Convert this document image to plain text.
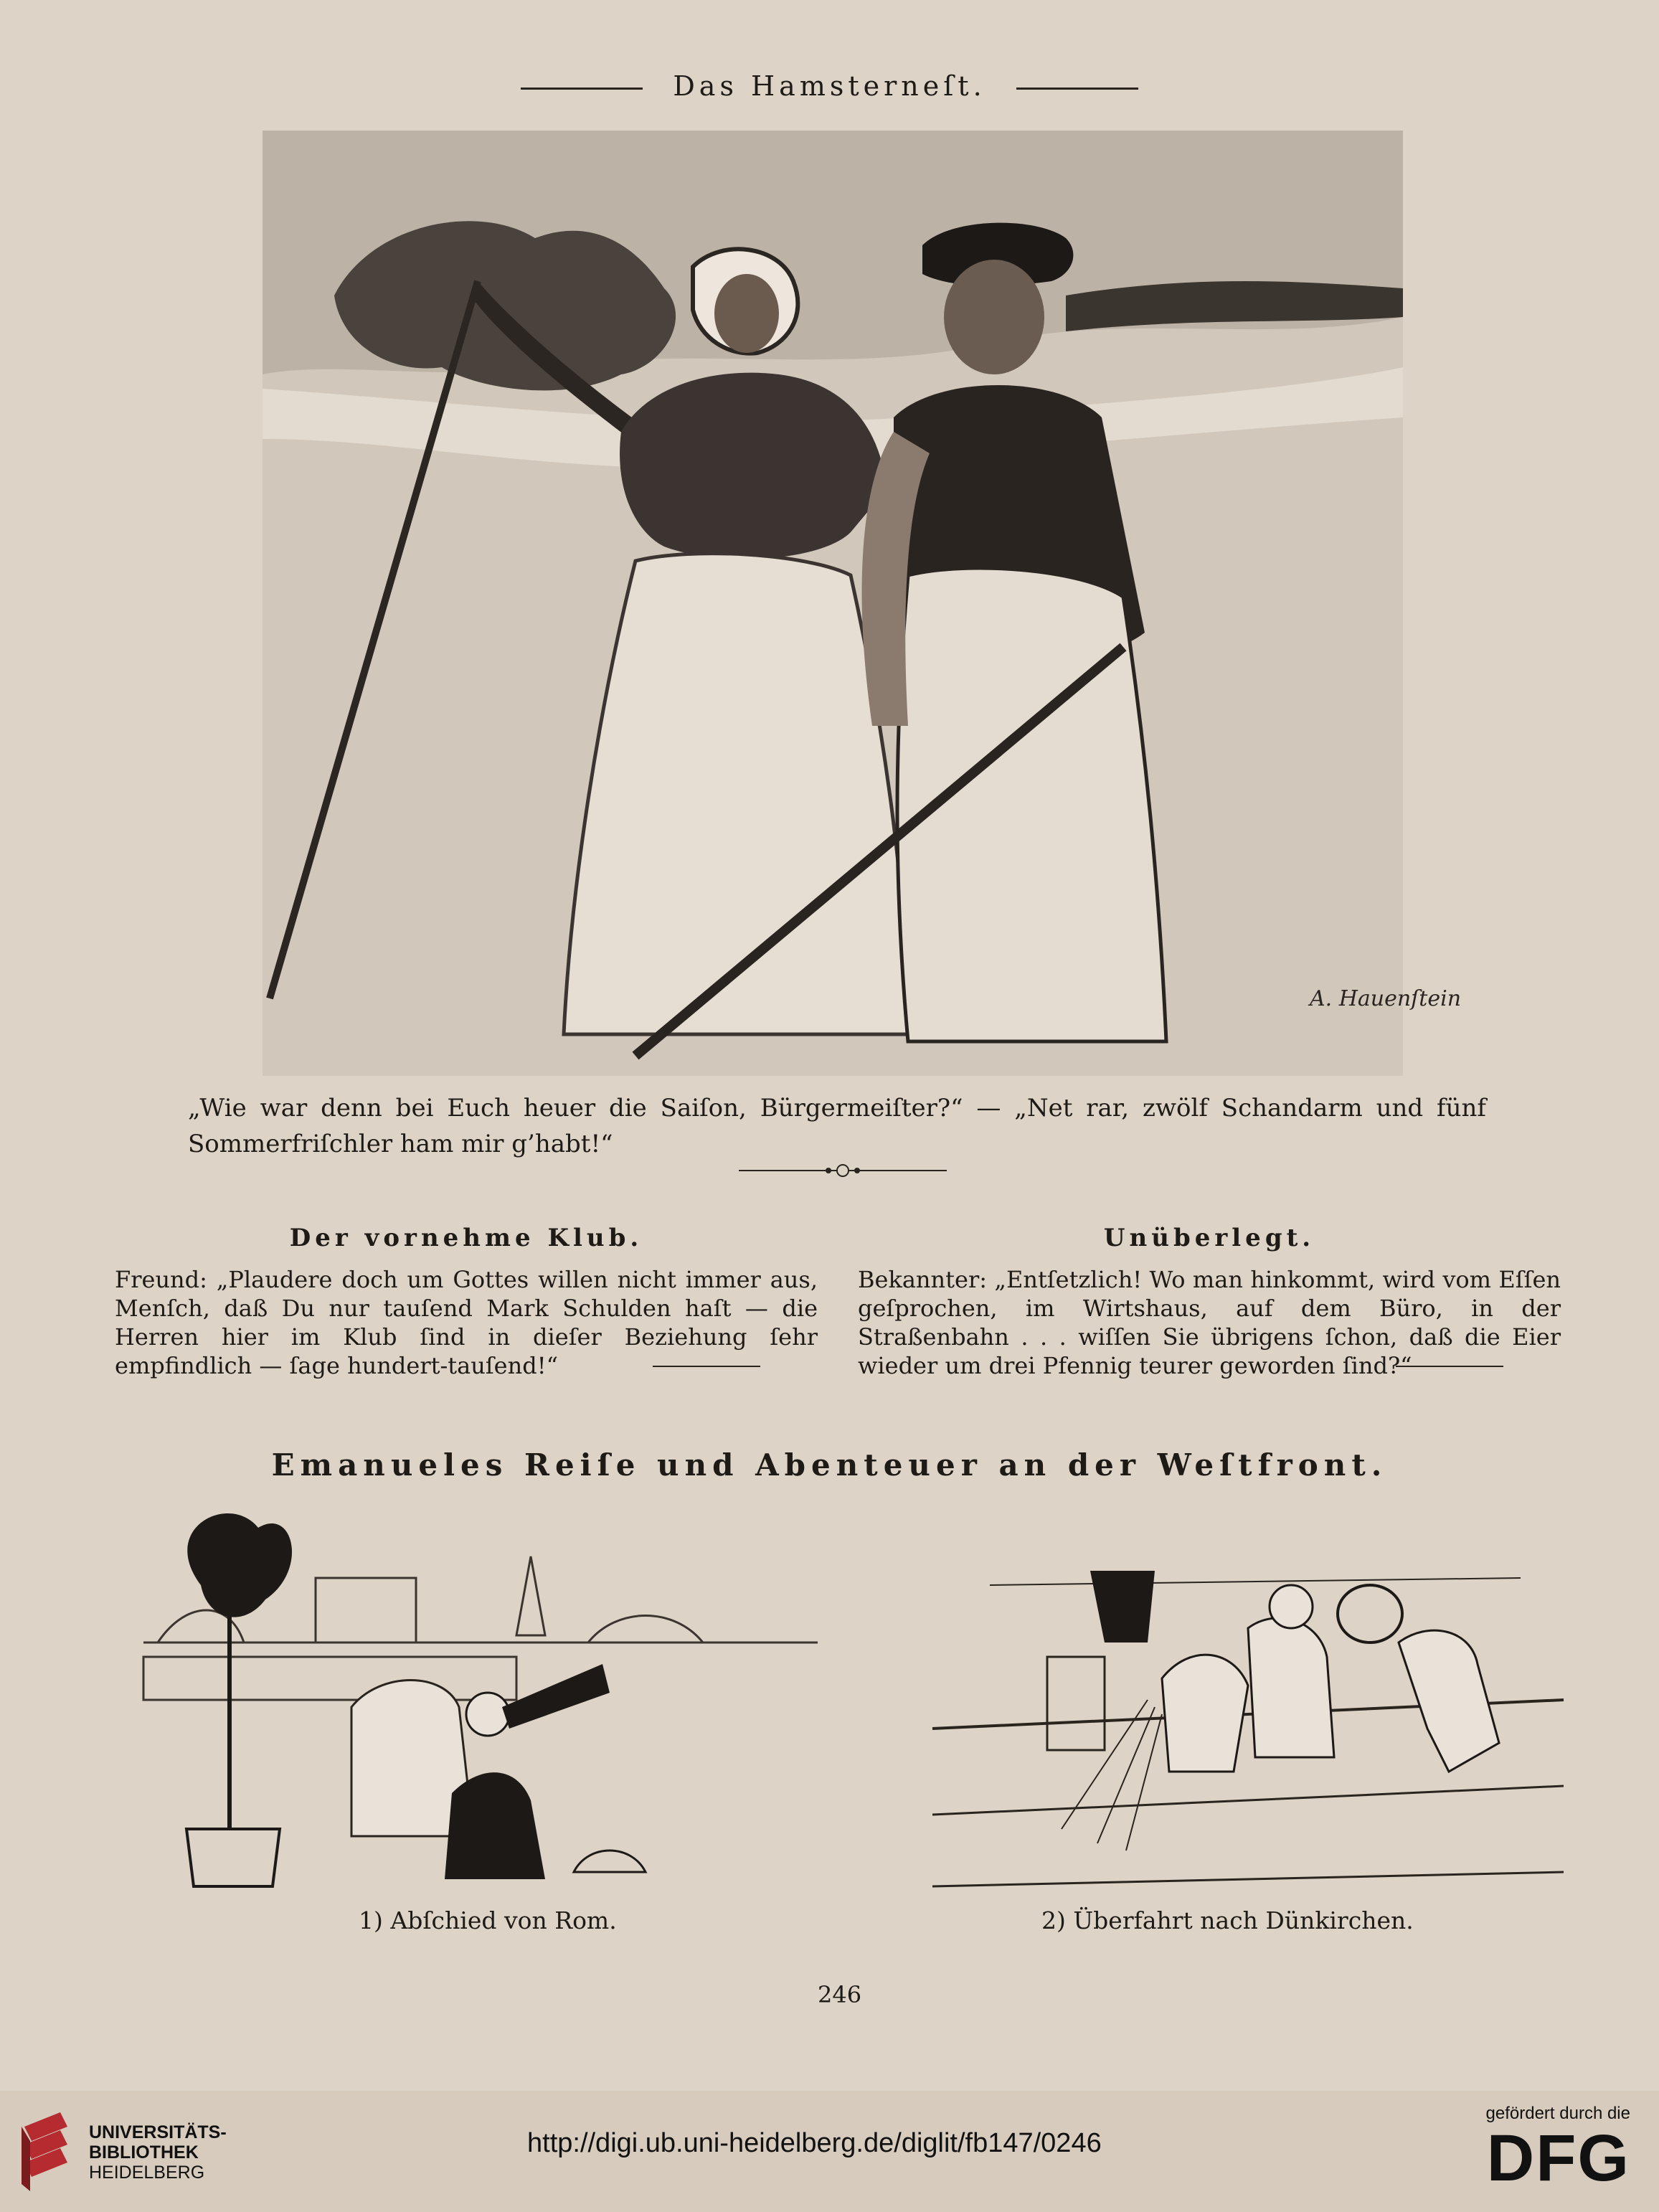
Das Hamsterneſt.
A. Hauenſtein
„Wie war denn bei Euch heuer die Saiſon, Bürgermeiſter?“ — „Net rar, zwölf Schandarm und fünf Sommerfriſchler ham mir g’habt!“
Der vornehme Klub.
Freund: „Plaudere doch um Gottes willen nicht immer aus, Menſch, daß Du nur tauſend Mark Schulden haſt — die Herren hier im Klub ſind in dieſer Beziehung ſehr empfindlich — ſage hundert-tauſend!“
Unüberlegt.
Bekannter: „Entſetzlich! Wo man hinkommt, wird vom Eſſen geſprochen, im Wirtshaus, auf dem Büro, in der Straßenbahn . . . wiſſen Sie übrigens ſchon, daß die Eier wieder um drei Pfennig teurer geworden ſind?“
Emanueles Reiſe und Abenteuer an der Weſtfront.
1) Abſchied von Rom.	2) Überfahrt nach Dünkirchen.
246
UNIVERSITÄTS-
BIBLIOTHEK
HEIDELBERG
http://digi.ub.uni-heidelberg.de/diglit/fb147/0246
gefördert durch die
DFG
